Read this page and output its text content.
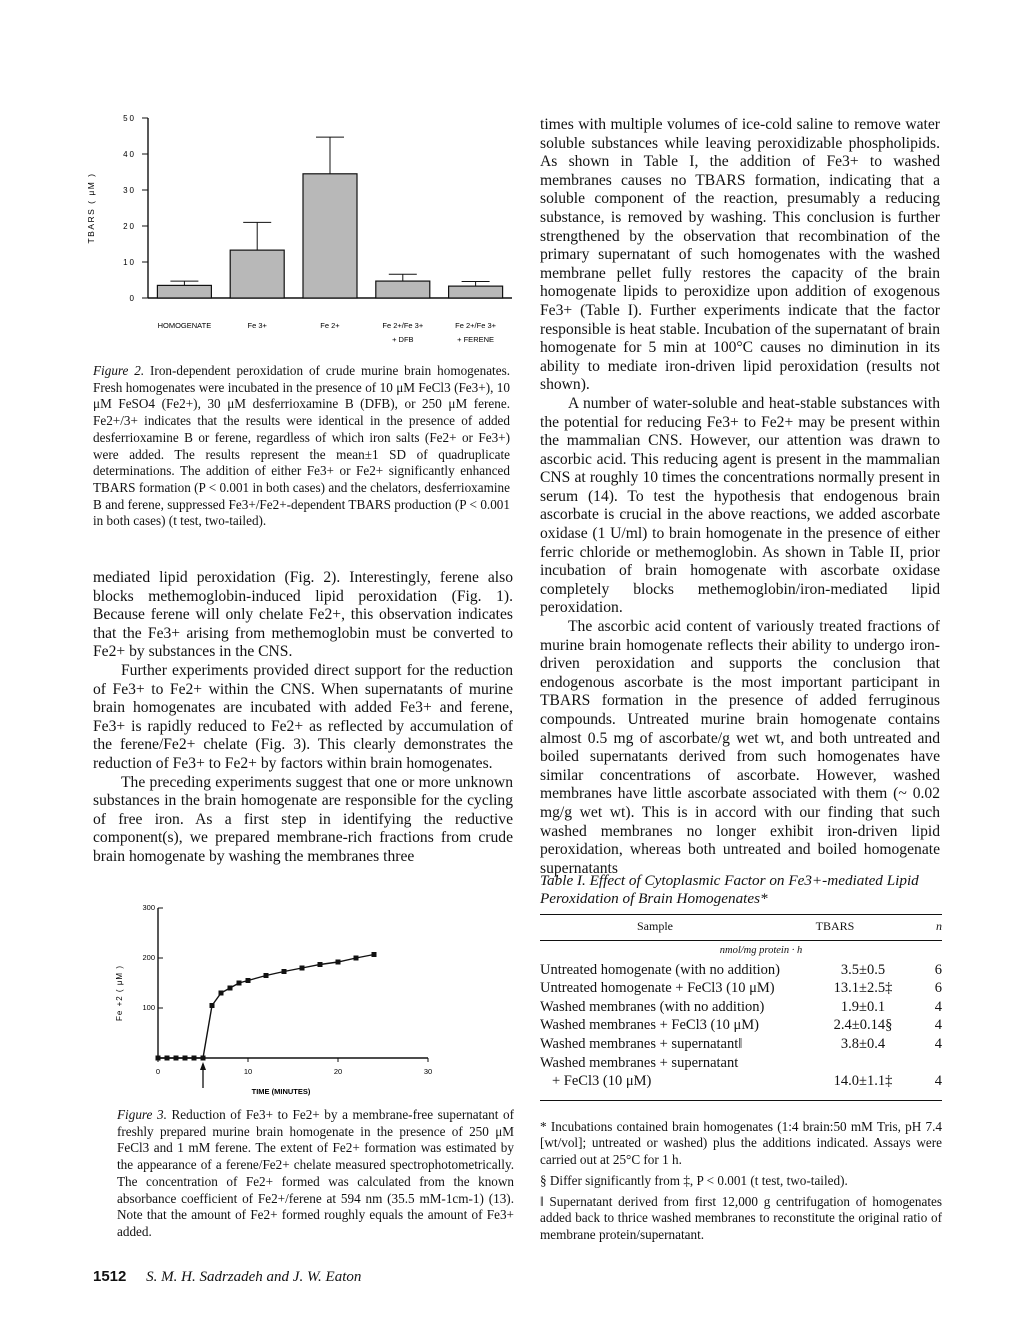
0
10
20
30
40
50
TBARS ( μM )
HOMOGENATE	Fe 3+	Fe 2+	Fe 2+/Fe 3+
+ DFB
Fe 2+/Fe 3+
+ FERENE
Figure 2. Iron-dependent peroxidation of crude murine brain homogenates. Fresh homogenates were incubated in the presence of 10 μM FeCl3 (Fe3+), 10 μM FeSO4 (Fe2+), 30 μM desferrioxamine B (DFB), or 250 μM ferene. Fe2+/3+ indicates that the results were identical in the presence of added desferrioxamine B or ferene, regardless of which iron salts (Fe2+ or Fe3+) were added. The results represent the mean±1 SD of quadruplicate determinations. The addition of either Fe3+ or Fe2+ significantly enhanced TBARS formation (P < 0.001 in both cases) and the chelators, desferrioxamine B and ferene, suppressed Fe3+/Fe2+-dependent TBARS production (P < 0.001 in both cases) (t test, two-tailed).

mediated lipid peroxidation (Fig. 2). Interestingly, ferene also blocks methemoglobin-induced lipid peroxidation (Fig. 1). Because ferene will only chelate Fe2+, this observation indicates that the Fe3+ arising from methemoglobin must be converted to Fe2+ by substances in the CNS.

Further experiments provided direct support for the reduction of Fe3+ to Fe2+ within the CNS. When supernatants of murine brain homogenates are incubated with added Fe3+ and ferene, Fe3+ is rapidly reduced to Fe2+ as reflected by accumulation of the ferene/Fe2+ chelate (Fig. 3). This clearly demonstrates the reduction of Fe3+ to Fe2+ by factors within brain homogenates.

The preceding experiments suggest that one or more unknown substances in the brain homogenate are responsible for the cycling of free iron. As a first step in identifying the reductive component(s), we prepared membrane-rich fractions from crude brain homogenate by washing the membranes three

100
200
300
0	10	20	30
TIME (MINUTES)
Fe +2 ( μM )
Figure 3. Reduction of Fe3+ to Fe2+ by a membrane-free supernatant of freshly prepared murine brain homogenate in the presence of 250 μM FeCl3 and 1 mM ferene. The extent of Fe2+ formation was estimated by the appearance of a ferene/Fe2+ chelate measured spectrophotometrically. The concentration of Fe2+ formed was calculated from the known absorbance coefficient of Fe2+/ferene at 594 nm (35.5 mM-1cm-1) (13). Note that the amount of Fe2+ formed roughly equals the amount of Fe3+ added.
1512 S. M. H. Sadrzadeh and J. W. Eaton

times with multiple volumes of ice-cold saline to remove water soluble substances while leaving peroxidizable phospholipids. As shown in Table I, the addition of Fe3+ to washed membranes causes no TBARS formation, indicating that a soluble component of the reaction, presumably a reducing substance, is removed by washing. This conclusion is further strengthened by the observation that recombination of the primary supernatant of such homogenates with the washed membrane pellet fully restores the capacity of the brain homogenate lipids to peroxidize upon addition of exogenous Fe3+ (Table I). Further experiments indicate that the factor responsible is heat stable. Incubation of the supernatant of brain homogenate for 5 min at 100°C causes no diminution in its ability to mediate iron-driven lipid peroxidation (results not shown).

A number of water-soluble and heat-stable substances with the potential for reducing Fe3+ to Fe2+ may be present within the mammalian CNS. However, our attention was drawn to ascorbic acid. This reducing agent is present in the mammalian CNS at roughly 10 times the concentrations normally present in serum (14). To test the hypothesis that endogenous brain ascorbate is crucial in the above reactions, we added ascorbate oxidase (1 U/ml) to brain homogenate in the presence of either ferric chloride or methemoglobin. As shown in Table II, prior incubation of brain homogenate with ascorbate oxidase completely blocks methemoglobin/iron-mediated lipid peroxidation.

The ascorbic acid content of variously treated fractions of murine brain homogenate reflects their ability to undergo iron-driven peroxidation and supports the conclusion that endogenous ascorbate is the most important participant in TBARS formation in the presence of added ferruginous compounds. Untreated murine brain homogenate contains almost 0.5 mg of ascorbate/g wet wt, and both untreated and boiled supernatants derived from such homogenates have similar concentrations of ascorbate. However, washed membranes have little ascorbate associated with them (~ 0.02 mg/g wet wt). This is in accord with our finding that such washed membranes no longer exhibit iron-driven lipid peroxidation, whereas both untreated and boiled homogenate supernatants

Table I. Effect of Cytoplasmic Factor on Fe3+-mediated Lipid Peroxidation of Brain Homogenates*
Sample	TBARS	n
nmol/mg protein · h
Untreated homogenate (with no addition)	3.5±0.5	6
Untreated homogenate + FeCl3 (10 μM)	13.1±2.5‡	6
Washed membranes (with no addition)	1.9±0.1	4
Washed membranes + FeCl3 (10 μM)	2.4±0.14§	4
Washed membranes + supernatant‖	3.8±0.4	4
Washed membranes + supernatant		
+ FeCl3 (10 μM)	14.0±1.1‡	4

* Incubations contained brain homogenates (1:4 brain:50 mM Tris, pH 7.4 [wt/vol]; untreated or washed) plus the additions indicated. Assays were carried out at 25°C for 1 h.

§ Differ significantly from ‡, P < 0.001 (t test, two-tailed).

‖ Supernatant derived from first 12,000 g centrifugation of homogenates added back to thrice washed membranes to reconstitute the original ratio of membrane protein/supernatant.
